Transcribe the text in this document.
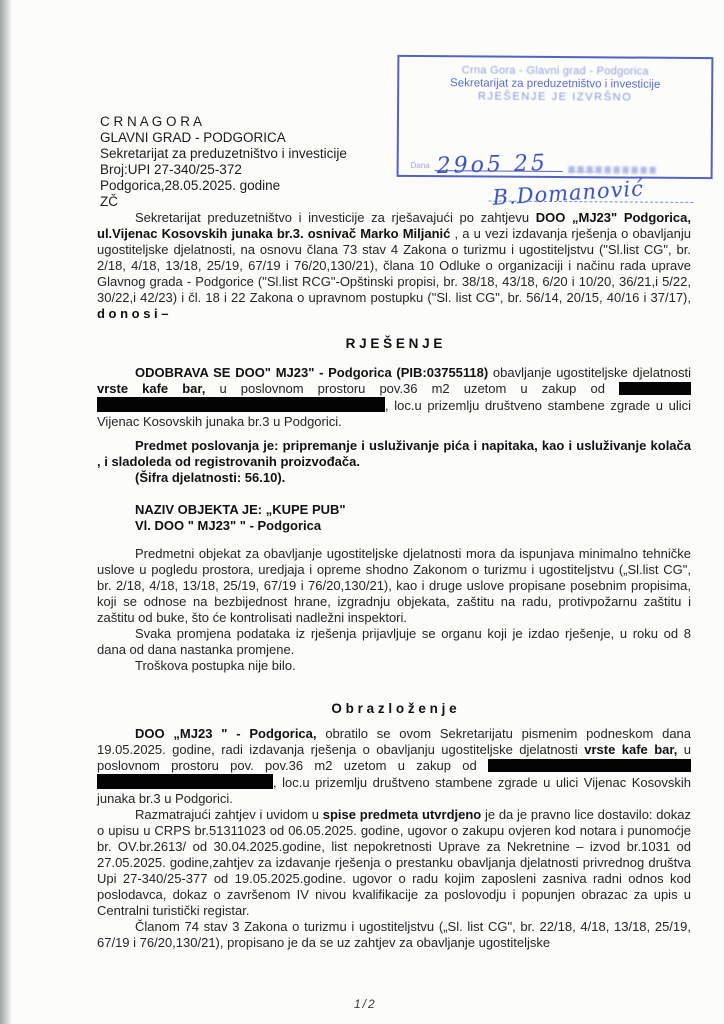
Crna Gora - Glavni grad - Podgorica
Sekretarijat za preduzetništvo i investicije
RJEŠENJE JE IZVRŠNO
Dana 29o5 25
B.Domanović
C R N A G O R A
GLAVNI GRAD - PODGORICA
Sekretarijat za preduzetništvo i investicije
Broj:UPI 27-340/25-372
Podgorica,28.05.2025. godine
ZČ

Sekretarijat preduzetništvo i investicije za rješavajući po zahtjevu DOO „MJ23" Podgorica, ul.Vijenac Kosovskih junaka br.3. osnivač Marko Miljanić , a u vezi izdavanja rješenja o obavljanju ugostiteljske djelatnosti, na osnovu člana 73 stav 4 Zakona o turizmu i ugostiteljstvu ("Sl.list CG", br. 2/18, 4/18, 13/18, 25/19, 67/19 i 76/20,130/21), člana 10 Odluke o organizaciji i načinu rada uprave Glavnog grada - Podgorice ("Sl.list RCG"-Opštinski propisi, br. 38/18, 43/18, 6/20 i 10/20, 36/21,i 5/22, 30/22,i 42/23) i čl. 18 i 22 Zakona o upravnom postupku ("Sl. list CG", br. 56/14, 20/15, 40/16 i 37/17), d o n o s i –

R J E Š E N J E

ODOBRAVA SE DOO" MJ23" - Podgorica (PIB:03755118) obavljanje ugostiteljske djelatnosti vrste kafe bar, u poslovnom prostoru pov.36 m2 uzetom u zakup od  , loc.u prizemlju društveno stambene zgrade u ulici Vijenac Kosovskih junaka br.3 u Podgorici.

Predmet poslovanja je: pripremanje i usluživanje pića i napitaka, kao i usluživanje kolača , i sladoleda od registrovanih proizvođača.

(Šifra djelatnosti: 56.10).
NAZIV OBJEKTA JE: „KUPE PUB"
Vl. DOO " MJ23" " - Podgorica

Predmetni objekat za obavljanje ugostiteljske djelatnosti mora da ispunjava minimalno tehničke uslove u pogledu prostora, uredjaja i opreme shodno Zakonom o turizmu i ugostiteljstvu („Sl.list CG", br. 2/18, 4/18, 13/18, 25/19, 67/19 i 76/20,130/21), kao i druge uslove propisane posebnim propisima, koji se odnose na bezbijednost hrane, izgradnju objekata, zaštitu na radu, protivpožarnu zaštitu i zaštitu od buke, što će kontrolisati nadležni inspektori.

Svaka promjena podataka iz rješenja prijavljuje se organu koji je izdao rješenje, u roku od 8 dana od dana nastanka promjene.

Troškova postupka nije bilo.
O b r a z l o ž e n j e

DOO „MJ23 " - Podgorica, obratilo se ovom Sekretarijatu pismenim podneskom dana 19.05.2025. godine, radi izdavanja rješenja o obavljanju ugostiteljske djelatnosti vrste kafe bar, u poslovnom prostoru pov. pov.36 m2 uzetom u zakup od  , loc.u prizemlju društveno stambene zgrade u ulici Vijenac Kosovskih junaka br.3 u Podgorici.

Razmatrajući zahtjev i uvidom u spise predmeta utvrdjeno je da je pravno lice dostavilo: dokaz o upisu u CRPS br.51311023 od 06.05.2025. godine, ugovor o zakupu ovjeren kod notara i punomoćje br. OV.br.2613/ od 30.04.2025.godine, list nepokretnosti Uprave za Nekretnine – izvod br.1031 od 27.05.2025. godine,zahtjev za izdavanje rješenja o prestanku obavljanja djelatnosti privrednog društva Upi 27-340/25-377 od 19.05.2025.godine. ugovor o radu kojim zaposleni zasniva radni odnos kod poslodavca, dokaz o završenom IV nivou kvalifikacije za poslovodju i popunjen obrazac za upis u Centralni turistički registar.

Članom 74 stav 3 Zakona o turizmu i ugostiteljstvu („Sl. list CG", br. 22/18, 4/18, 13/18, 25/19, 67/19 i 76/20,130/21), propisano je da se uz zahtjev za obavljanje ugostiteljske

1/2
